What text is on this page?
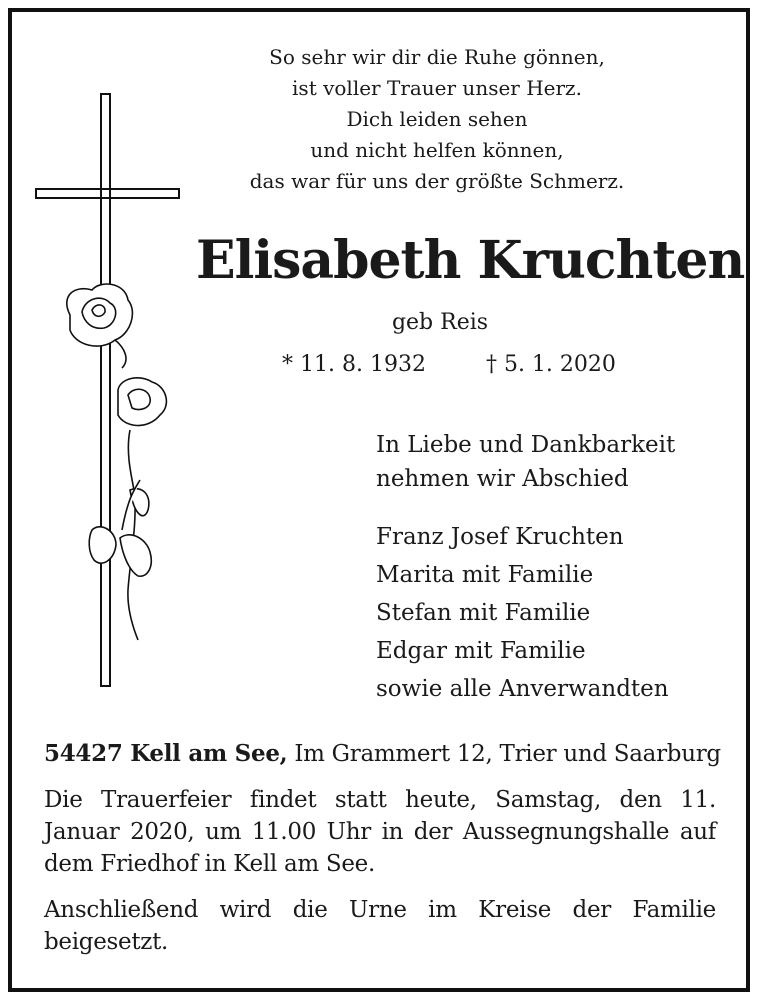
So sehr wir dir die Ruhe gönnen,
ist voller Trauer unser Herz.
Dich leiden sehen
und nicht helfen können,
das war für uns der größte Schmerz.
Elisabeth Kruchten
geb Reis
* 11. 8. 1932	† 5. 1. 2020
In Liebe und Dankbarkeit
nehmen wir Abschied
Franz Josef Kruchten
Marita mit Familie
Stefan mit Familie
Edgar mit Familie
sowie alle Anverwandten
54427 Kell am See, Im Grammert 12, Trier und Saarburg
Die Trauerfeier findet statt heute, Samstag, den 11. Januar 2020, um 11.00 Uhr in der Aussegnungshalle auf dem Friedhof in Kell am See.
Anschließend wird die Urne im Kreise der Familie beigesetzt.
